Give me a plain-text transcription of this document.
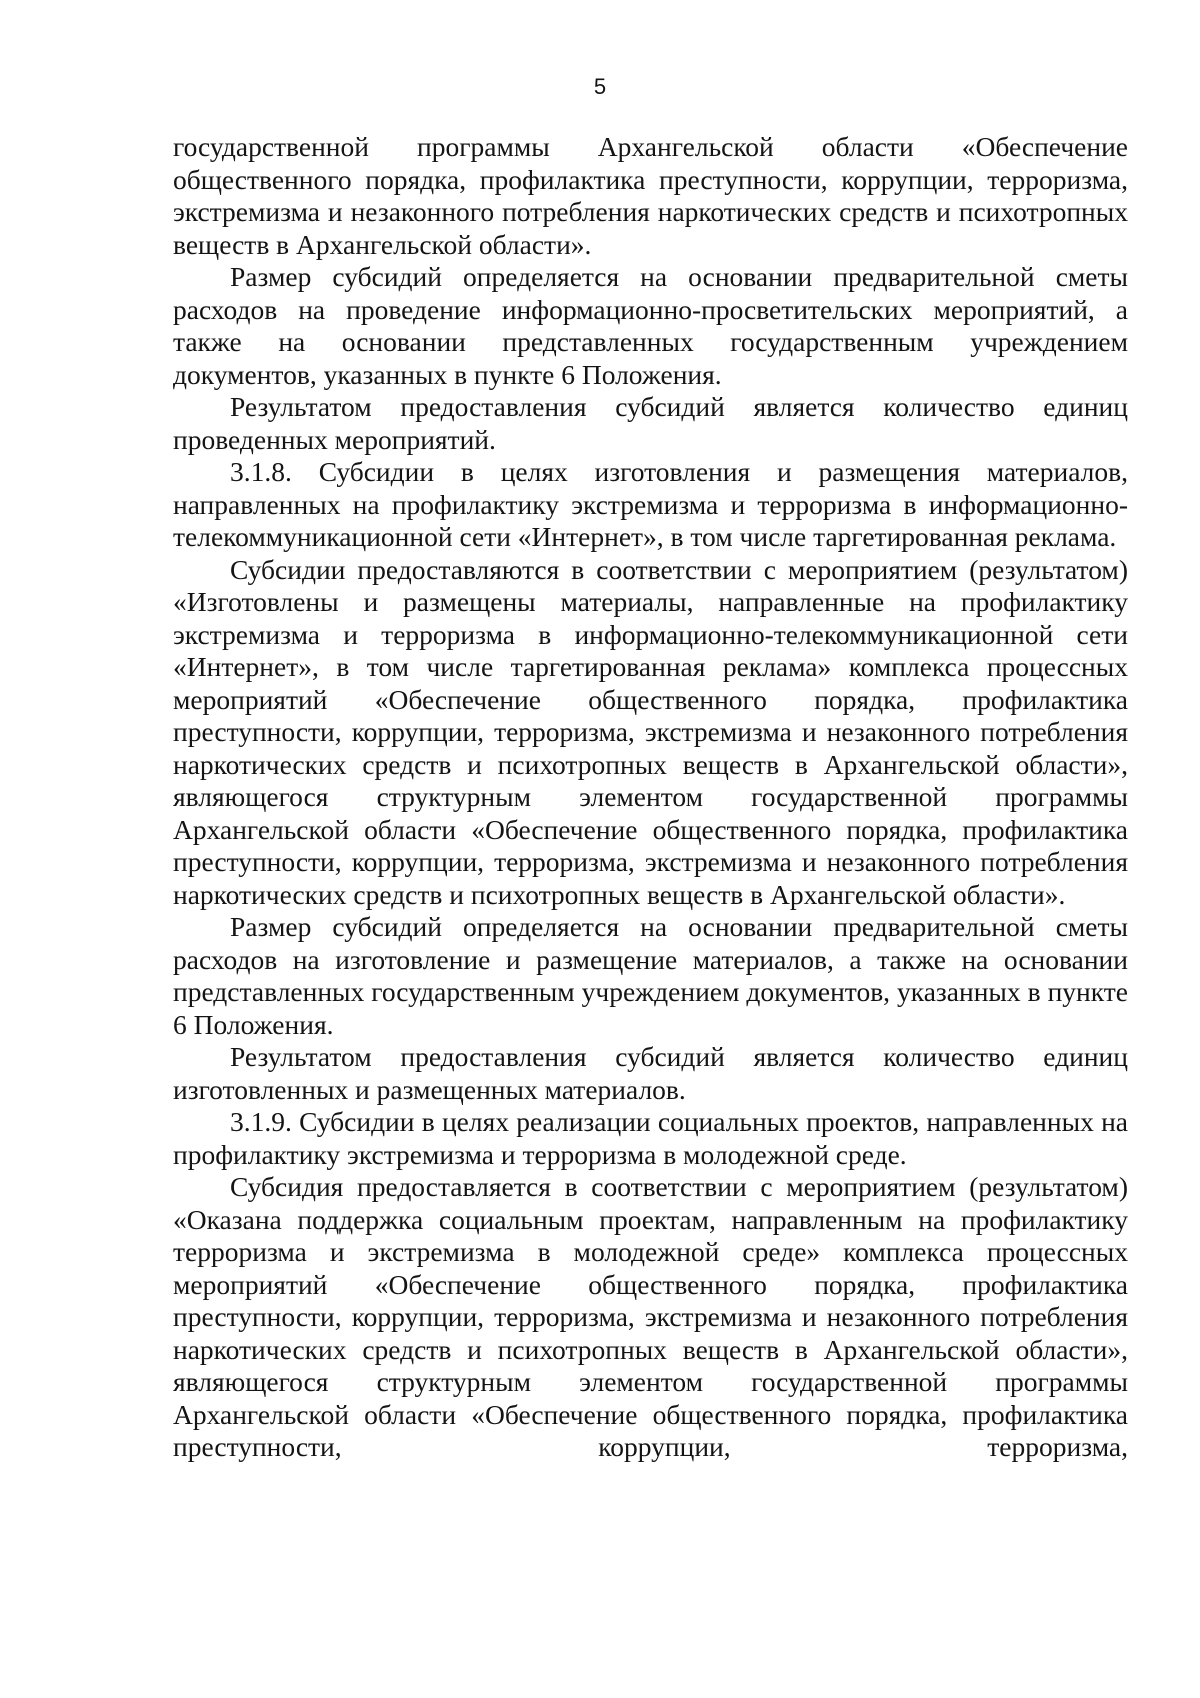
5

государственной программы Архангельской области «Обеспечение общественного порядка, профилактика преступности, коррупции, терроризма, экстремизма и незаконного потребления наркотических средств и психотропных веществ в Архангельской области».

Размер субсидий определяется на основании предварительной сметы расходов на проведение информационно-просветительских мероприятий, а также на основании представленных государственным учреждением документов, указанных в пункте 6 Положения.

Результатом предоставления субсидий является количество единиц проведенных мероприятий.

3.1.8. Субсидии в целях изготовления и размещения материалов, направленных на профилактику экстремизма и терроризма в информационно-телекоммуникационной сети «Интернет», в том числе таргетированная реклама.

Субсидии предоставляются в соответствии с мероприятием (результатом) «Изготовлены и размещены материалы, направленные на профилактику экстремизма и терроризма в информационно-телекоммуникационной сети «Интернет», в том числе таргетированная реклама» комплекса процессных мероприятий «Обеспечение общественного порядка, профилактика преступности, коррупции, терроризма, экстремизма и незаконного потребления наркотических средств и психотропных веществ в Архангельской области», являющегося структурным элементом государственной программы Архангельской области «Обеспечение общественного порядка, профилактика преступности, коррупции, терроризма, экстремизма и незаконного потребления наркотических средств и психотропных веществ в Архангельской области».

Размер субсидий определяется на основании предварительной сметы расходов на изготовление и размещение материалов, а также на основании представленных государственным учреждением документов, указанных в пункте 6 Положения.

Результатом предоставления субсидий является количество единиц изготовленных и размещенных материалов.

3.1.9. Субсидии в целях реализации социальных проектов, направленных на профилактику экстремизма и терроризма в молодежной среде.

Субсидия предоставляется в соответствии с мероприятием (результатом) «Оказана поддержка социальным проектам, направленным на профилактику терроризма и экстремизма в молодежной среде» комплекса процессных мероприятий «Обеспечение общественного порядка, профилактика преступности, коррупции, терроризма, экстремизма и незаконного потребления наркотических средств и психотропных веществ в Архангельской области», являющегося структурным элементом государственной программы Архангельской области «Обеспечение общественного порядка, профилактика преступности, коррупции, терроризма,
